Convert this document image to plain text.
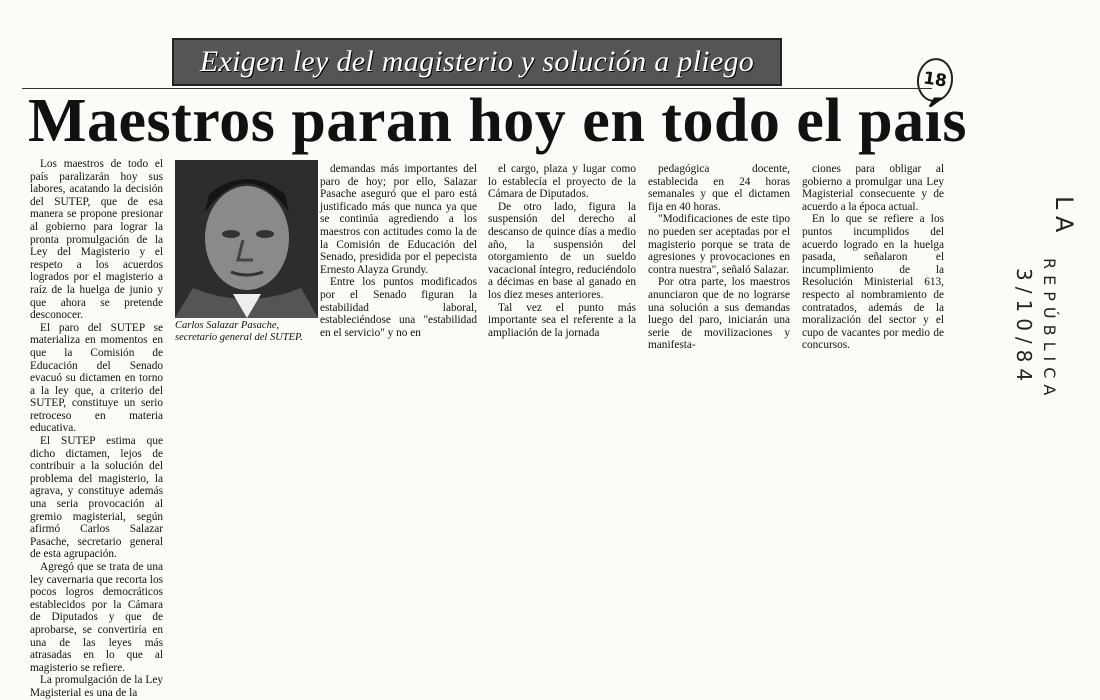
Exigen ley del magisterio y solución a pliego
18
Maestros paran hoy en todo el país

Los maestros de todo el país paralizarán hoy sus labores, acatando la decisión del SUTEP, que de esa manera se propone presionar al gobierno para lograr la pronta promulgación de la Ley del Magisterio y el respeto a los acuerdos logrados por el magisterio a raíz de la huelga de junio y que ahora se pretende desconocer.

El paro del SUTEP se materializa en momentos en que la Comisión de Educación del Senado evacuó su dictamen en torno a la ley que, a criterio del SUTEP, constituye un serio retroceso en materia educativa.

El SUTEP estima que dicho dictamen, lejos de contribuir a la solución del problema del magisterio, la agrava, y constituye además una seria provocación al gremio magisterial, según afirmó Carlos Salazar Pasache, secretario general de esta agrupación.

Agregó que se trata de una ley cavernaria que recorta los pocos logros democráticos establecidos por la Cámara de Diputados y que de aprobarse, se convertiría en una de las leyes más atrasadas en lo que al magisterio se refiere.

La promulgación de la Ley Magisterial es una de la

Carlos Salazar Pasache, secretario general del SUTEP.

demandas más importantes del paro de hoy; por ello, Salazar Pasache aseguró que el paro está justificado más que nunca ya que se continúa agrediendo a los maestros con actitudes como la de la Comisión de Educación del Senado, presidida por el pepecista Ernesto Alayza Grundy.

Entre los puntos modificados por el Senado figuran la estabilidad laboral, estableciéndose una "estabilidad en el servicio" y no en

el cargo, plaza y lugar como lo establecía el proyecto de la Cámara de Diputados.

De otro lado, figura la suspensión del derecho al descanso de quince días a medio año, la suspensión del otorgamiento de un sueldo vacacional íntegro, reduciéndolo a décimas en base al ganado en los diez meses anteriores.

Tal vez el punto más importante sea el referente a la ampliación de la jornada

pedagógica docente, establecida en 24 horas semanales y que el dictamen fija en 40 horas.

"Modificaciones de este tipo no pueden ser aceptadas por el magisterio porque se trata de agresiones y provocaciones en contra nuestra", señaló Salazar.

Por otra parte, los maestros anunciaron que de no lograrse una solución a sus demandas luego del paro, iniciarán una serie de movilizaciones y manifesta-

ciones para obligar al gobierno a promulgar una Ley Magisterial consecuente y de acuerdo a la época actual.

En lo que se refiere a los puntos incumplidos del acuerdo logrado en la huelga pasada, señalaron el incumplimiento de la Resolución Ministerial 613, respecto al nombramiento de contratados, además de la moralización del sector y el cupo de vacantes por medio de concursos.

LA
REPÚBLICA
3/10/84
